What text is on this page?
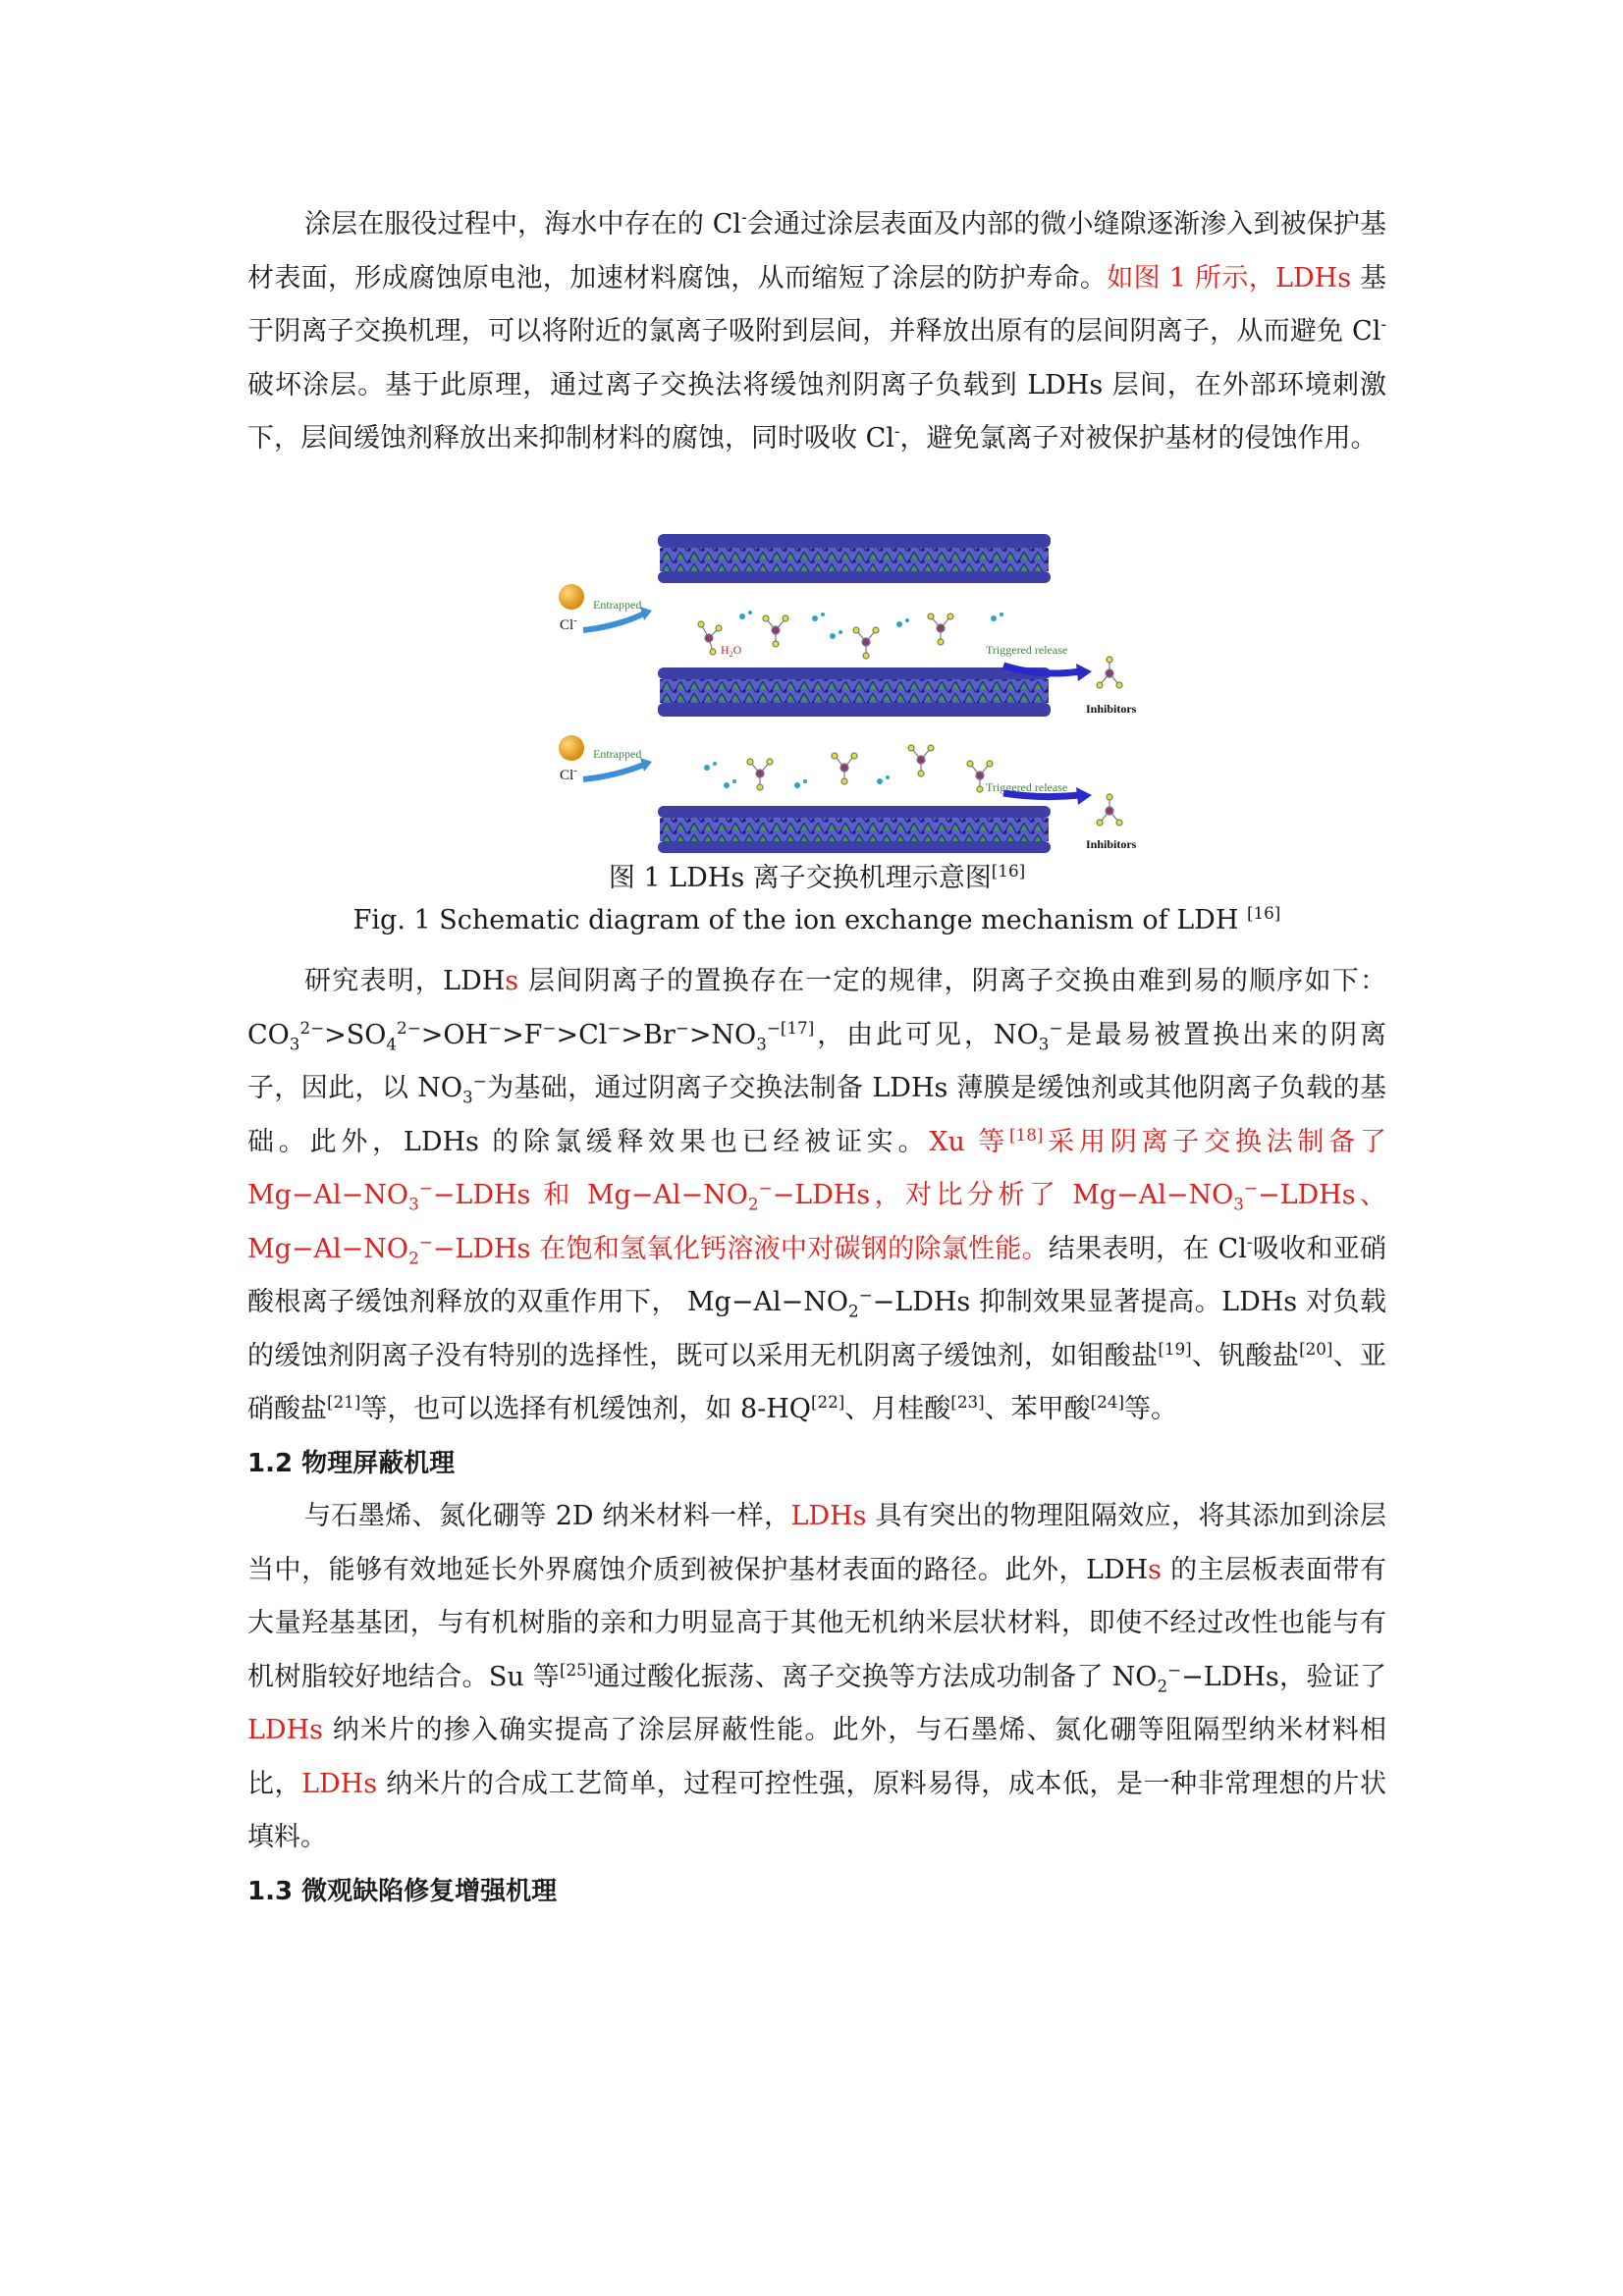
涂层在服役过程中，海水中存在的 Cl-会通过涂层表面及内部的微小缝隙逐渐渗入到被保护基材表面，形成腐蚀原电池，加速材料腐蚀，从而缩短了涂层的防护寿命。如图 1 所示，LDHs 基于阴离子交换机理，可以将附近的氯离子吸附到层间，并释放出原有的层间阴离子，从而避免 Cl-破坏涂层。基于此原理，通过离子交换法将缓蚀剂阴离子负载到 LDHs 层间，在外部环境刺激下，层间缓蚀剂释放出来抑制材料的腐蚀，同时吸收 Cl-，避免氯离子对被保护基材的侵蚀作用。

Cl-
Entrapped
Cl-
Entrapped
$H_2O$	Triggered release
Triggered release
Inhibitors
Inhibitors
图 1 LDHs 离子交换机理示意图[16]
Fig. 1 Schematic diagram of the ion exchange mechanism of LDH [16]

研究表明，LDHs 层间阴离子的置换存在一定的规律，阴离子交换由难到易的顺序如下：$CO_3^{2-}>SO_4^{2-}>OH^->F^->Cl^->Br^->NO_3^{-[17]}$，由此可见，$NO_3^-$是最易被置换出来的阴离子，因此，以 $NO_3^-$为基础，通过阴离子交换法制备 LDHs 薄膜是缓蚀剂或其他阴离子负载的基础。此外，LDHs 的除氯缓释效果也已经被证实。Xu 等[18]采用阴离子交换法制备了 $Mg-Al-NO_3^--LDHs$ 和 $Mg-Al-NO_2^--LDHs$，对比分析了 $Mg-Al-NO_3^--LDHs$、$Mg-Al-NO_2^--LDHs$ 在饱和氢氧化钙溶液中对碳钢的除氯性能。结果表明，在 Cl-吸收和亚硝酸根离子缓蚀剂释放的双重作用下， $Mg-Al-NO_2^--LDHs$ 抑制效果显著提高。LDHs 对负载的缓蚀剂阴离子没有特别的选择性，既可以采用无机阴离子缓蚀剂，如钼酸盐[19]、钒酸盐[20]、亚硝酸盐[21]等，也可以选择有机缓蚀剂，如 8-HQ[22]、月桂酸[23]、苯甲酸[24]等。

1.2 物理屏蔽机理

与石墨烯、氮化硼等 2D 纳米材料一样，LDHs 具有突出的物理阻隔效应，将其添加到涂层当中，能够有效地延长外界腐蚀介质到被保护基材表面的路径。此外，LDHs 的主层板表面带有大量羟基基团，与有机树脂的亲和力明显高于其他无机纳米层状材料，即使不经过改性也能与有机树脂较好地结合。Su 等[25]通过酸化振荡、离子交换等方法成功制备了 $NO_2^--LDHs$，验证了 LDHs 纳米片的掺入确实提高了涂层屏蔽性能。此外，与石墨烯、氮化硼等阻隔型纳米材料相比，LDHs 纳米片的合成工艺简单，过程可控性强，原料易得，成本低，是一种非常理想的片状填料。

1.3 微观缺陷修复增强机理
